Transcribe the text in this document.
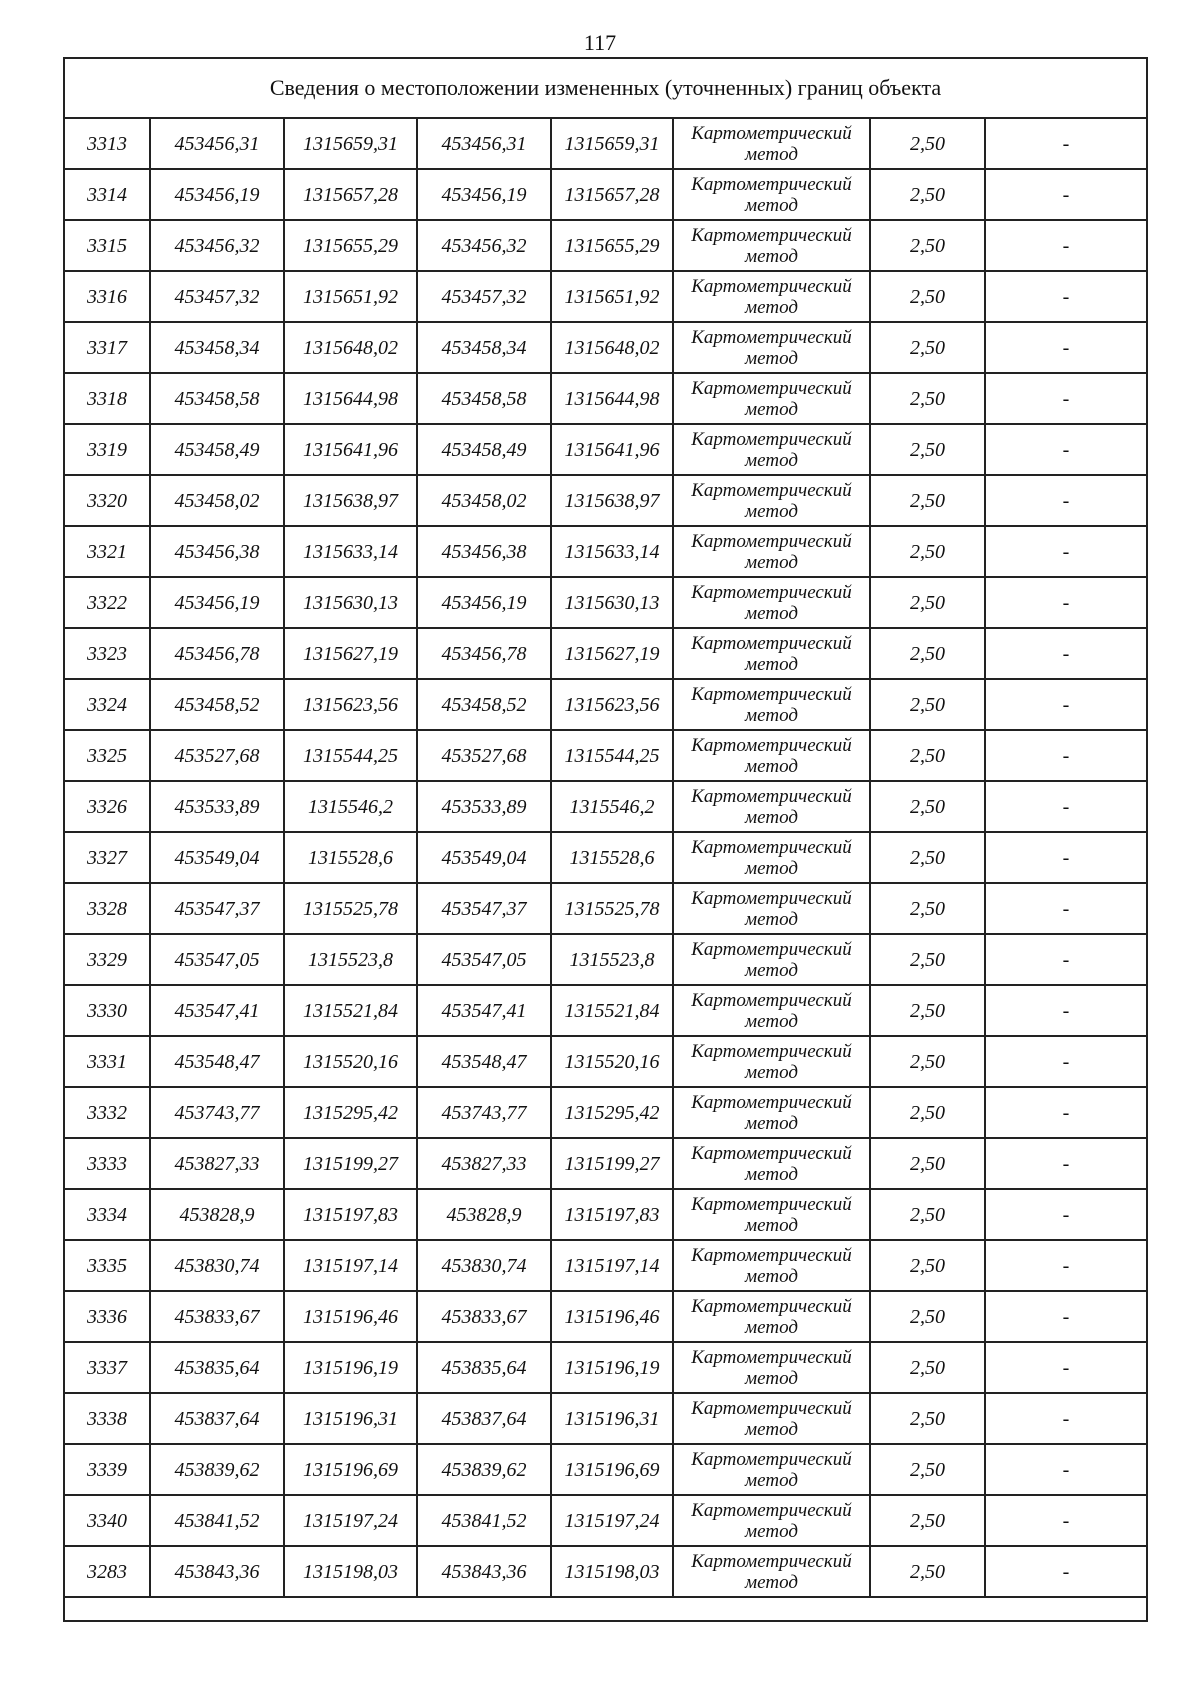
117
Сведения о местоположении измененных (уточненных) границ объекта							
3313	453456,31	1315659,31	453456,31	1315659,31	Картометрический метод	2,50	-
3314	453456,19	1315657,28	453456,19	1315657,28	Картометрический метод	2,50	-
3315	453456,32	1315655,29	453456,32	1315655,29	Картометрический метод	2,50	-
3316	453457,32	1315651,92	453457,32	1315651,92	Картометрический метод	2,50	-
3317	453458,34	1315648,02	453458,34	1315648,02	Картометрический метод	2,50	-
3318	453458,58	1315644,98	453458,58	1315644,98	Картометрический метод	2,50	-
3319	453458,49	1315641,96	453458,49	1315641,96	Картометрический метод	2,50	-
3320	453458,02	1315638,97	453458,02	1315638,97	Картометрический метод	2,50	-
3321	453456,38	1315633,14	453456,38	1315633,14	Картометрический метод	2,50	-
3322	453456,19	1315630,13	453456,19	1315630,13	Картометрический метод	2,50	-
3323	453456,78	1315627,19	453456,78	1315627,19	Картометрический метод	2,50	-
3324	453458,52	1315623,56	453458,52	1315623,56	Картометрический метод	2,50	-
3325	453527,68	1315544,25	453527,68	1315544,25	Картометрический метод	2,50	-
3326	453533,89	1315546,2	453533,89	1315546,2	Картометрический метод	2,50	-
3327	453549,04	1315528,6	453549,04	1315528,6	Картометрический метод	2,50	-
3328	453547,37	1315525,78	453547,37	1315525,78	Картометрический метод	2,50	-
3329	453547,05	1315523,8	453547,05	1315523,8	Картометрический метод	2,50	-
3330	453547,41	1315521,84	453547,41	1315521,84	Картометрический метод	2,50	-
3331	453548,47	1315520,16	453548,47	1315520,16	Картометрический метод	2,50	-
3332	453743,77	1315295,42	453743,77	1315295,42	Картометрический метод	2,50	-
3333	453827,33	1315199,27	453827,33	1315199,27	Картометрический метод	2,50	-
3334	453828,9	1315197,83	453828,9	1315197,83	Картометрический метод	2,50	-
3335	453830,74	1315197,14	453830,74	1315197,14	Картометрический метод	2,50	-
3336	453833,67	1315196,46	453833,67	1315196,46	Картометрический метод	2,50	-
3337	453835,64	1315196,19	453835,64	1315196,19	Картометрический метод	2,50	-
3338	453837,64	1315196,31	453837,64	1315196,31	Картометрический метод	2,50	-
3339	453839,62	1315196,69	453839,62	1315196,69	Картометрический метод	2,50	-
3340	453841,52	1315197,24	453841,52	1315197,24	Картометрический метод	2,50	-
3283	453843,36	1315198,03	453843,36	1315198,03	Картометрический метод	2,50	-
